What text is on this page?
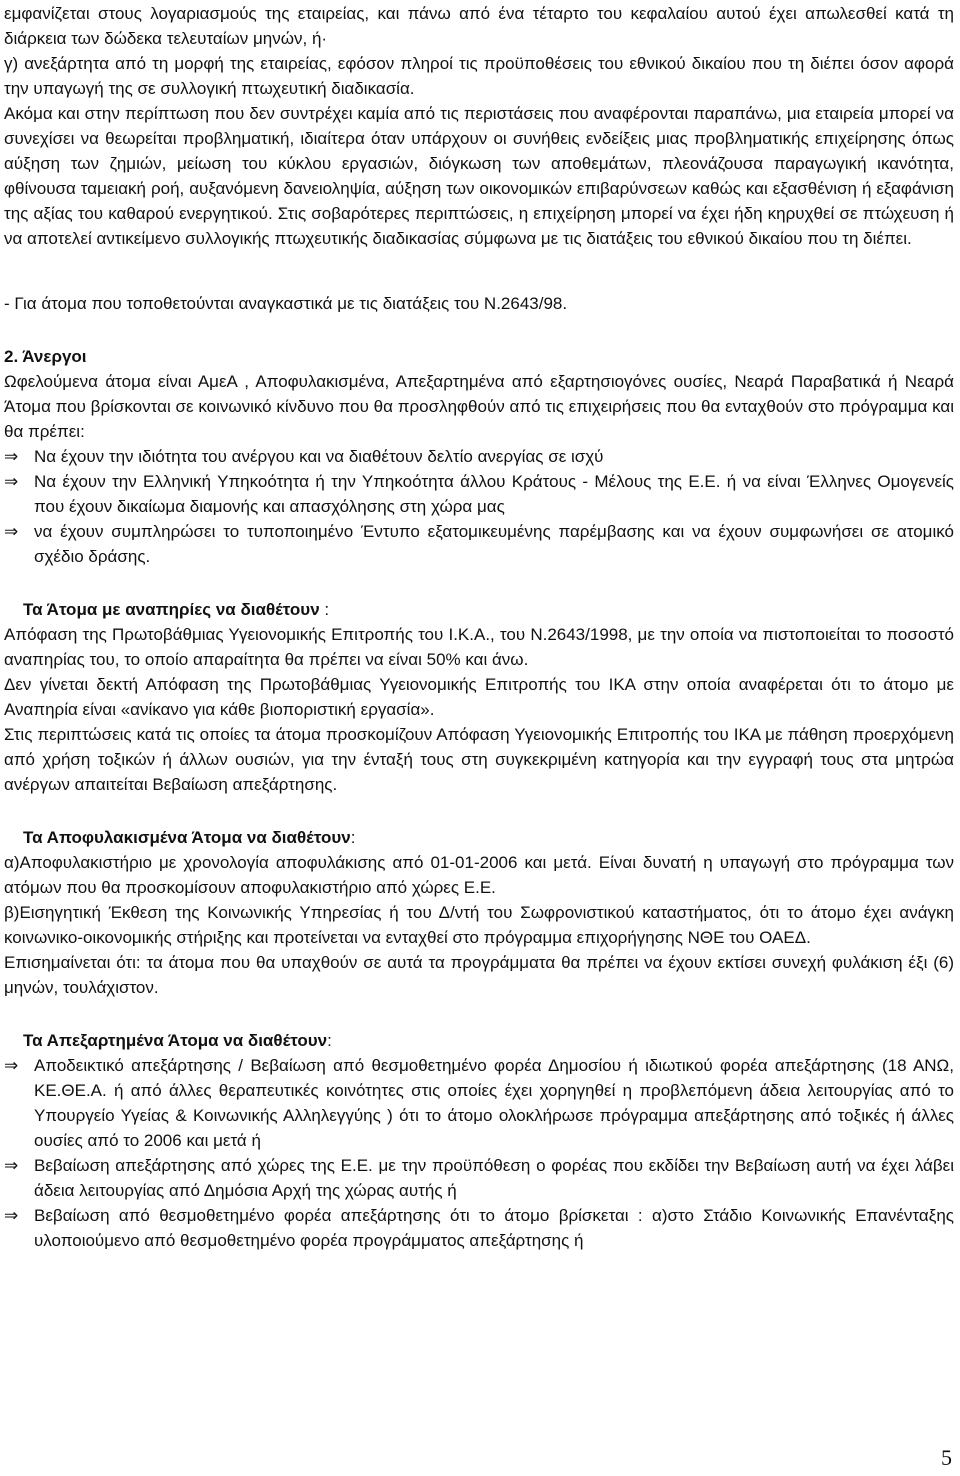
εμφανίζεται στους λογαριασμούς της εταιρείας, και πάνω από ένα τέταρτο του κεφαλαίου αυτού έχει απωλεσθεί κατά τη διάρκεια των δώδεκα τελευταίων μηνών, ή·

γ) ανεξάρτητα από τη μορφή της εταιρείας, εφόσον πληροί τις προϋποθέσεις του εθνικού δικαίου που τη διέπει όσον αφορά την υπαγωγή της σε συλλογική πτωχευτική διαδικασία.

Ακόμα και στην περίπτωση που δεν συντρέχει καμία από τις περιστάσεις που αναφέρονται παραπάνω, μια εταιρεία μπορεί να συνεχίσει να θεωρείται προβληματική, ιδιαίτερα όταν υπάρχουν οι συνήθεις ενδείξεις μιας προβληματικής επιχείρησης όπως αύξηση των ζημιών, μείωση του κύκλου εργασιών, διόγκωση των αποθεμάτων, πλεονάζουσα παραγωγική ικανότητα, φθίνουσα ταμειακή ροή, αυξανόμενη δανειοληψία, αύξηση των οικονομικών επιβαρύνσεων καθώς και εξασθένιση ή εξαφάνιση της αξίας του καθαρού ενεργητικού. Στις σοβαρότερες περιπτώσεις, η επιχείρηση μπορεί να έχει ήδη κηρυχθεί σε πτώχευση ή να αποτελεί αντικείμενο συλλογικής πτωχευτικής διαδικασίας σύμφωνα με τις διατάξεις του εθνικού δικαίου που τη διέπει.

- Για άτομα που τοποθετούνται αναγκαστικά με τις διατάξεις του Ν.2643/98.

2. Άνεργοι

Ωφελούμενα άτομα είναι ΑμεΑ , Αποφυλακισμένα, Απεξαρτημένα από εξαρτησιογόνες ουσίες, Νεαρά Παραβατικά ή Νεαρά Άτομα που βρίσκονται σε κοινωνικό κίνδυνο που θα προσληφθούν από τις επιχειρήσεις που θα ενταχθούν στο πρόγραμμα και θα πρέπει:

⇒ Να έχουν την ιδιότητα του ανέργου και να διαθέτουν δελτίο ανεργίας σε ισχύ
⇒ Να έχουν την Ελληνική Υπηκοότητα ή την Υπηκοότητα άλλου Κράτους - Μέλους της Ε.Ε. ή να είναι Έλληνες Ομογενείς που έχουν δικαίωμα διαμονής και απασχόλησης στη χώρα μας
⇒ να έχουν συμπληρώσει το τυποποιημένο Έντυπο εξατομικευμένης παρέμβασης και να έχουν συμφωνήσει σε ατομικό σχέδιο δράσης.

Τα Άτομα με αναπηρίες να διαθέτουν :

Απόφαση της Πρωτοβάθμιας Υγειονομικής Επιτροπής του Ι.Κ.Α., του Ν.2643/1998, με την οποία να πιστοποιείται το ποσοστό αναπηρίας του, το οποίο απαραίτητα θα πρέπει να είναι 50% και άνω.

Δεν γίνεται δεκτή Απόφαση της Πρωτοβάθμιας Υγειονομικής Επιτροπής του ΙΚΑ στην οποία αναφέρεται ότι το άτομο με Αναπηρία είναι «ανίκανο για κάθε βιοποριστική εργασία».

Στις περιπτώσεις κατά τις οποίες τα άτομα προσκομίζουν Απόφαση Υγειονομικής Επιτροπής του ΙΚΑ με πάθηση προερχόμενη από χρήση τοξικών ή άλλων ουσιών, για την ένταξή τους στη συγκεκριμένη κατηγορία και την εγγραφή τους στα μητρώα ανέργων απαιτείται Βεβαίωση απεξάρτησης.

Τα Αποφυλακισμένα Άτομα να διαθέτουν:

α)Αποφυλακιστήριο με χρονολογία αποφυλάκισης από 01-01-2006 και μετά. Είναι δυνατή η υπαγωγή στο πρόγραμμα των ατόμων που θα προσκομίσουν αποφυλακιστήριο από χώρες Ε.Ε.

β)Εισηγητική Έκθεση της Κοινωνικής Υπηρεσίας ή του Δ/ντή του Σωφρονιστικού καταστήματος, ότι το άτομο έχει ανάγκη κοινωνικο-οικονομικής στήριξης και προτείνεται να ενταχθεί στο πρόγραμμα επιχορήγησης ΝΘΕ του ΟΑΕΔ.

Επισημαίνεται ότι: τα άτομα που θα υπαχθούν σε αυτά τα προγράμματα θα πρέπει να έχουν εκτίσει συνεχή φυλάκιση έξι (6) μηνών, τουλάχιστον.

Τα Απεξαρτημένα Άτομα να διαθέτουν:

⇒ Αποδεικτικό απεξάρτησης / Βεβαίωση από θεσμοθετημένο φορέα Δημοσίου ή ιδιωτικού φορέα απεξάρτησης (18 ΑΝΩ, ΚΕ.ΘΕ.Α. ή από άλλες θεραπευτικές κοινότητες στις οποίες έχει χορηγηθεί η προβλεπόμενη άδεια λειτουργίας από το Υπουργείο Υγείας & Κοινωνικής Αλληλεγγύης ) ότι το άτομο ολοκλήρωσε πρόγραμμα απεξάρτησης από τοξικές ή άλλες ουσίες από το 2006 και μετά ή
⇒ Βεβαίωση απεξάρτησης από χώρες της Ε.Ε. με την προϋπόθεση ο φορέας που εκδίδει την Βεβαίωση αυτή να έχει λάβει άδεια λειτουργίας από Δημόσια Αρχή της χώρας αυτής ή
⇒ Βεβαίωση από θεσμοθετημένο φορέα απεξάρτησης ότι το άτομο βρίσκεται : α)στο Στάδιο Κοινωνικής Επανένταξης υλοποιούμενο από θεσμοθετημένο φορέα προγράμματος απεξάρτησης ή
5
